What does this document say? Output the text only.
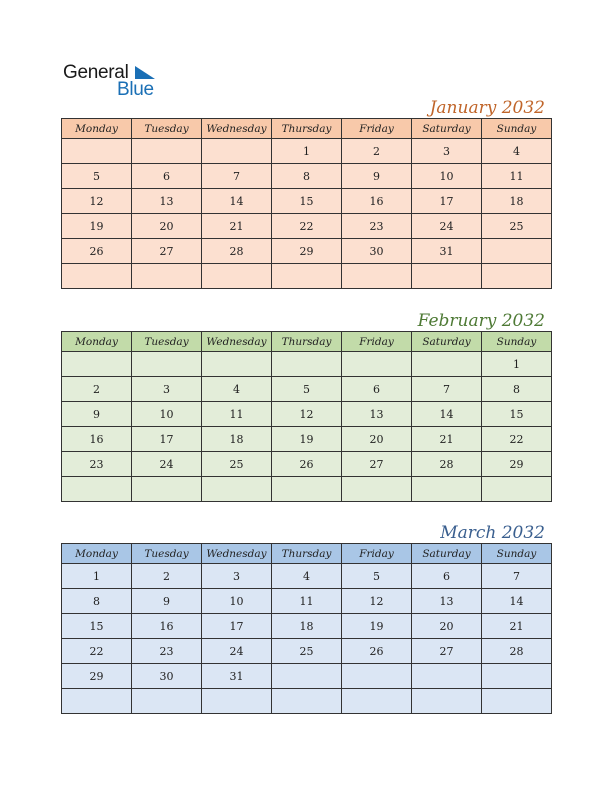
General
Blue
January 2032
Monday	Tuesday	Wednesday	Thursday	Friday	Saturday	Sunday
			1	2	3	4
5	6	7	8	9	10	11
12	13	14	15	16	17	18
19	20	21	22	23	24	25
26	27	28	29	30	31	

February 2032
Monday	Tuesday	Wednesday	Thursday	Friday	Saturday	Sunday
						1
2	3	4	5	6	7	8
9	10	11	12	13	14	15
16	17	18	19	20	21	22
23	24	25	26	27	28	29

March 2032
Monday	Tuesday	Wednesday	Thursday	Friday	Saturday	Sunday
1	2	3	4	5	6	7
8	9	10	11	12	13	14
15	16	17	18	19	20	21
22	23	24	25	26	27	28
29	30	31				
